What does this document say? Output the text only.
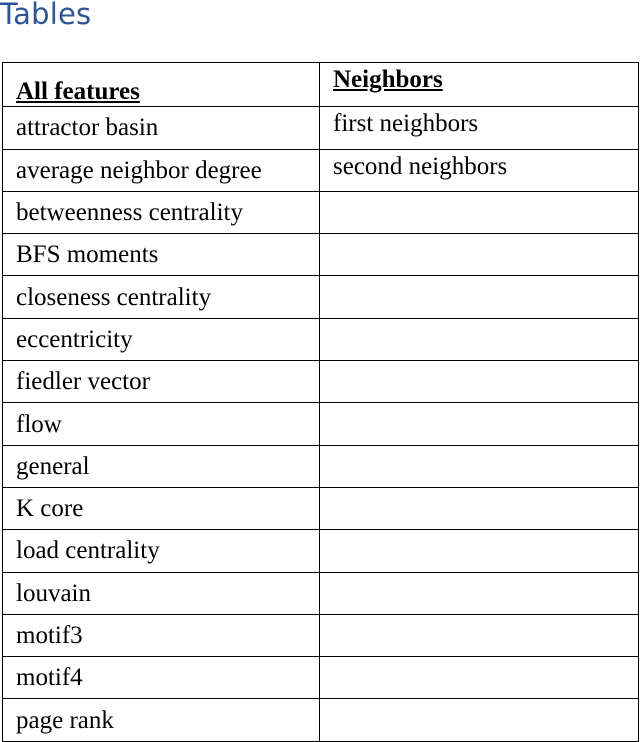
Tables
All features	Neighbors
attractor basin	first neighbors
average neighbor degree	second neighbors
betweenness centrality	
BFS moments	
closeness centrality	
eccentricity	
fiedler vector	
flow	
general	
K core	
load centrality	
louvain	
motif3	
motif4	
page rank	
